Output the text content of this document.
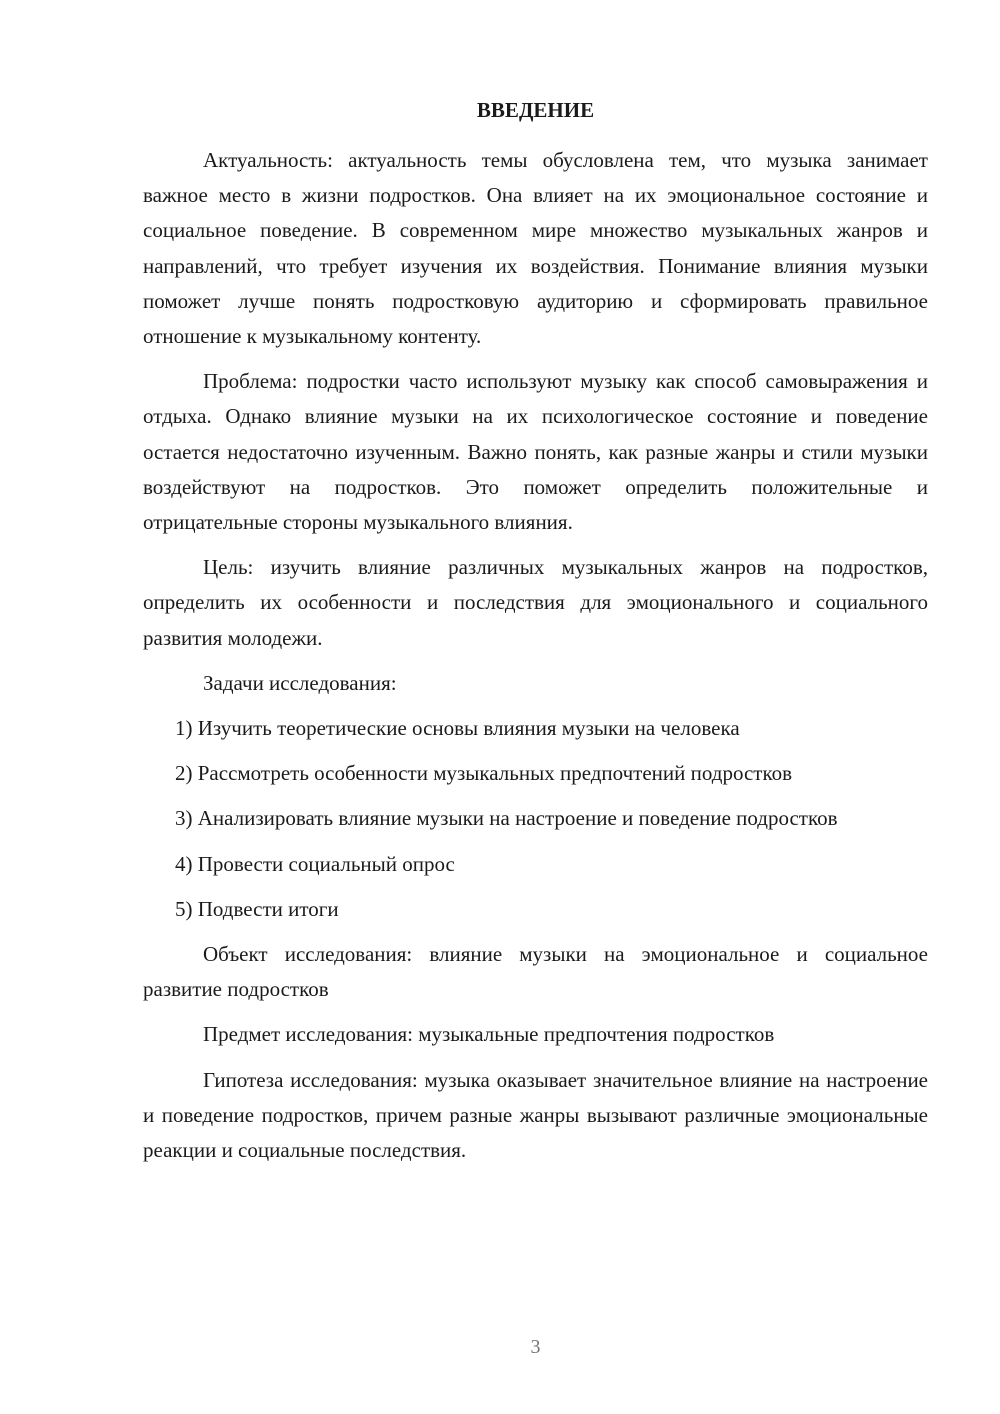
ВВЕДЕНИЕ

Актуальность: актуальность темы обусловлена тем, что музыка занимает важное место в жизни подростков. Она влияет на их эмоциональное состояние и социальное поведение. В современном мире множество музыкальных жанров и направлений, что требует изучения их воздействия. Понимание влияния музыки поможет лучше понять подростковую аудиторию и сформировать правильное отношение к музыкальному контенту.

Проблема: подростки часто используют музыку как способ самовыражения и отдыха. Однако влияние музыки на их психологическое состояние и поведение остается недостаточно изученным. Важно понять, как разные жанры и стили музыки воздействуют на подростков. Это поможет определить положительные и отрицательные стороны музыкального влияния.

Цель: изучить влияние различных музыкальных жанров на подростков, определить их особенности и последствия для эмоционального и социального развития молодежи.

Задачи исследования:

1) Изучить теоретические основы влияния музыки на человека

2) Рассмотреть особенности музыкальных предпочтений подростков

3) Анализировать влияние музыки на настроение и поведение подростков

4) Провести социальный опрос

5) Подвести итоги

Объект исследования: влияние музыки на эмоциональное и социальное развитие подростков

Предмет исследования: музыкальные предпочтения подростков

Гипотеза исследования: музыка оказывает значительное влияние на настроение и поведение подростков, причем разные жанры вызывают различные эмоциональные реакции и социальные последствия.

3
